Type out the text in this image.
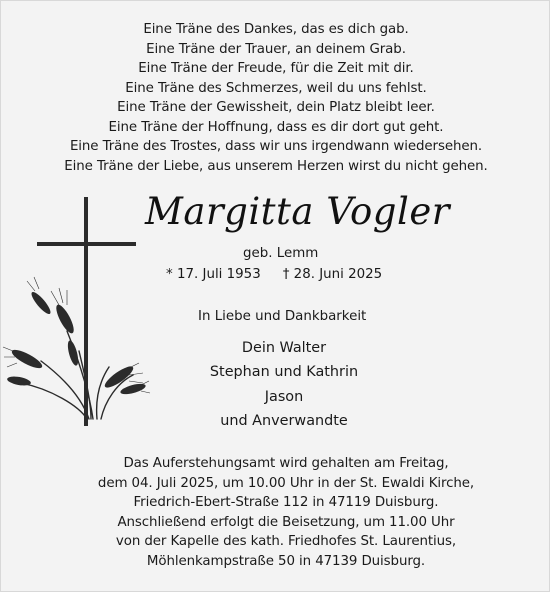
Eine Träne des Dankes, das es dich gab.
Eine Träne der Trauer, an deinem Grab.
Eine Träne der Freude, für die Zeit mit dir.
Eine Träne des Schmerzes, weil du uns fehlst.
Eine Träne der Gewissheit, dein Platz bleibt leer.
Eine Träne der Hoffnung, dass es dir dort gut geht.
Eine Träne des Trostes, dass wir uns irgendwann wiedersehen.
Eine Träne der Liebe, aus unserem Herzen wirst du nicht gehen.
Margitta Vogler
geb. Lemm
* 17. Juli 1953 † 28. Juni 2025
In Liebe und Dankbarkeit
Dein Walter
Stephan und Kathrin
Jason
und Anverwandte
Das Auferstehungsamt wird gehalten am Freitag,
dem 04. Juli 2025, um 10.00 Uhr in der St. Ewaldi Kirche,
Friedrich-Ebert-Straße 112 in 47119 Duisburg.
Anschließend erfolgt die Beisetzung, um 11.00 Uhr
von der Kapelle des kath. Friedhofes St. Laurentius,
Möhlenkampstraße 50 in 47139 Duisburg.
